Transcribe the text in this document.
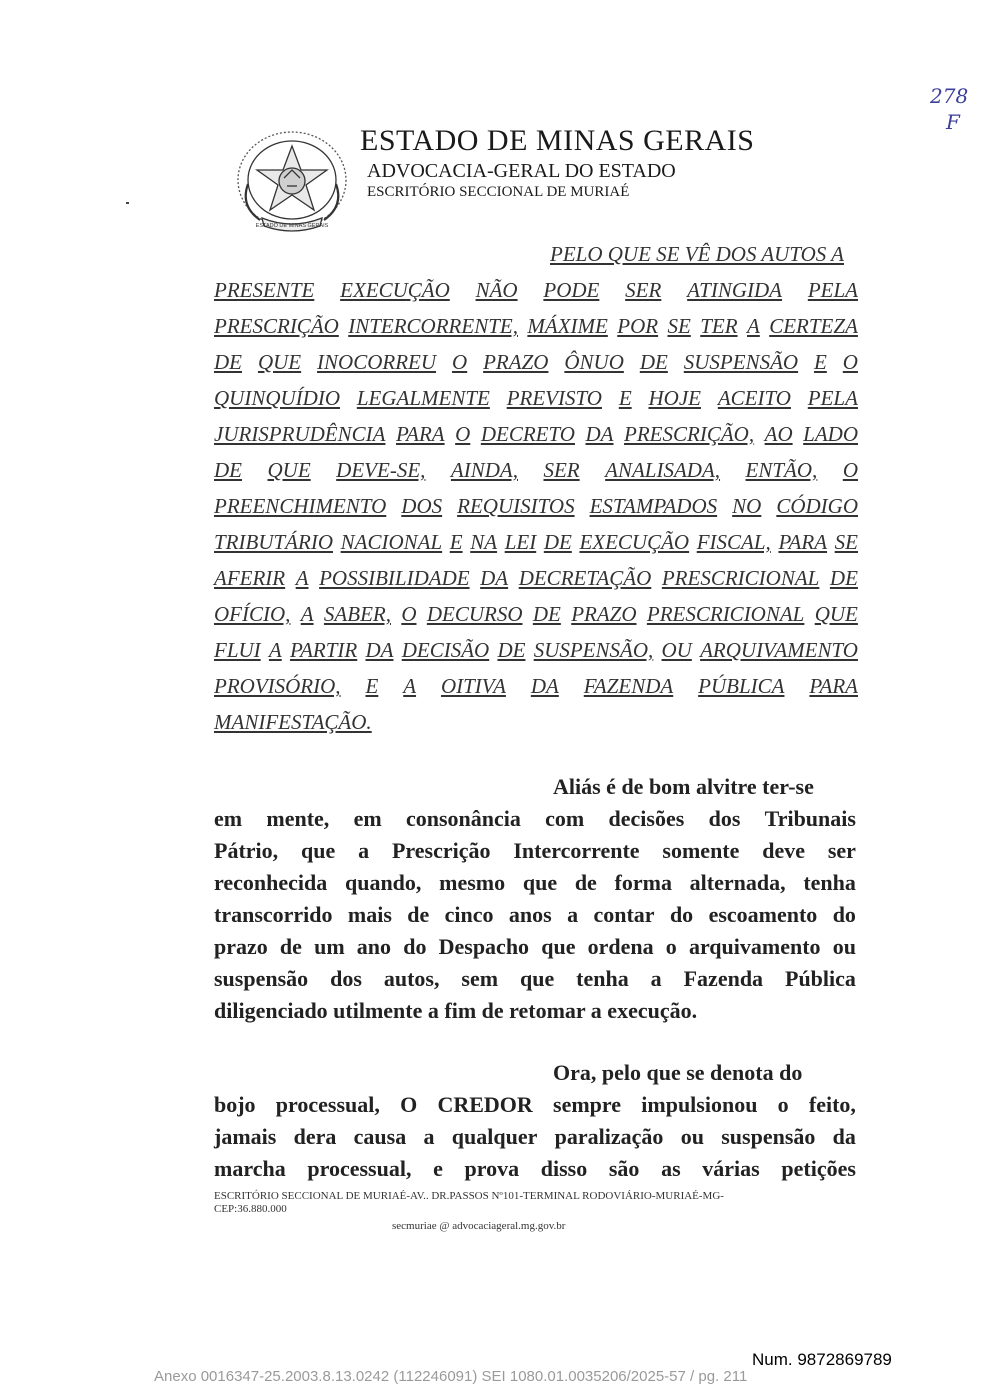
278
F
ESTADO DE MINAS GERAIS
ESTADO DE MINAS GERAIS
ADVOCACIA-GERAL DO ESTADO
ESCRITÓRIO SECCIONAL DE MURIAÉ
PELO QUE SE VÊ DOS AUTOS A
PRESENTE EXECUÇÃO NÃO PODE SER ATINGIDA PELA
PRESCRIÇÃO INTERCORRENTE, MÁXIME POR SE TER A CERTEZA
DE QUE INOCORREU O PRAZO ÔNUO DE SUSPENSÃO E O
QUINQUÍDIO LEGALMENTE PREVISTO E HOJE ACEITO PELA
JURISPRUDÊNCIA PARA O DECRETO DA PRESCRIÇÃO, AO LADO
DE QUE DEVE-SE, AINDA, SER ANALISADA, ENTÃO, O
PREENCHIMENTO DOS REQUISITOS ESTAMPADOS NO CÓDIGO
TRIBUTÁRIO NACIONAL E NA LEI DE EXECUÇÃO FISCAL, PARA SE
AFERIR A POSSIBILIDADE DA DECRETAÇÃO PRESCRICIONAL DE
OFÍCIO, A SABER, O DECURSO DE PRAZO PRESCRICIONAL QUE
FLUI A PARTIR DA DECISÃO DE SUSPENSÃO, OU ARQUIVAMENTO
PROVISÓRIO, E A OITIVA DA FAZENDA PÚBLICA PARA
MANIFESTAÇÃO.
Aliás é de bom alvitre ter-se
em mente, em consonância com decisões dos Tribunais
Pátrio, que a Prescrição Intercorrente somente deve ser
reconhecida quando, mesmo que de forma alternada, tenha
transcorrido mais de cinco anos a contar do escoamento do
prazo de um ano do Despacho que ordena o arquivamento ou
suspensão dos autos, sem que tenha a Fazenda Pública
diligenciado utilmente a fim de retomar a execução.
Ora, pelo que se denota do
bojo processual, O CREDOR sempre impulsionou o feito,
jamais dera causa a qualquer paralização ou suspensão da
marcha processual, e prova disso são as várias petições
ESCRITÓRIO SECCIONAL DE MURIAÉ-AV.. DR.PASSOS Nº101-TERMINAL RODOVIÁRIO-MURIAÉ-MG-
CEP:36.880.000
secmuriae @ advocaciageral.mg.gov.br
Num. 9872869789
Anexo 0016347-25.2003.8.13.0242 (112246091) SEI 1080.01.0035206/2025-57 / pg. 211
